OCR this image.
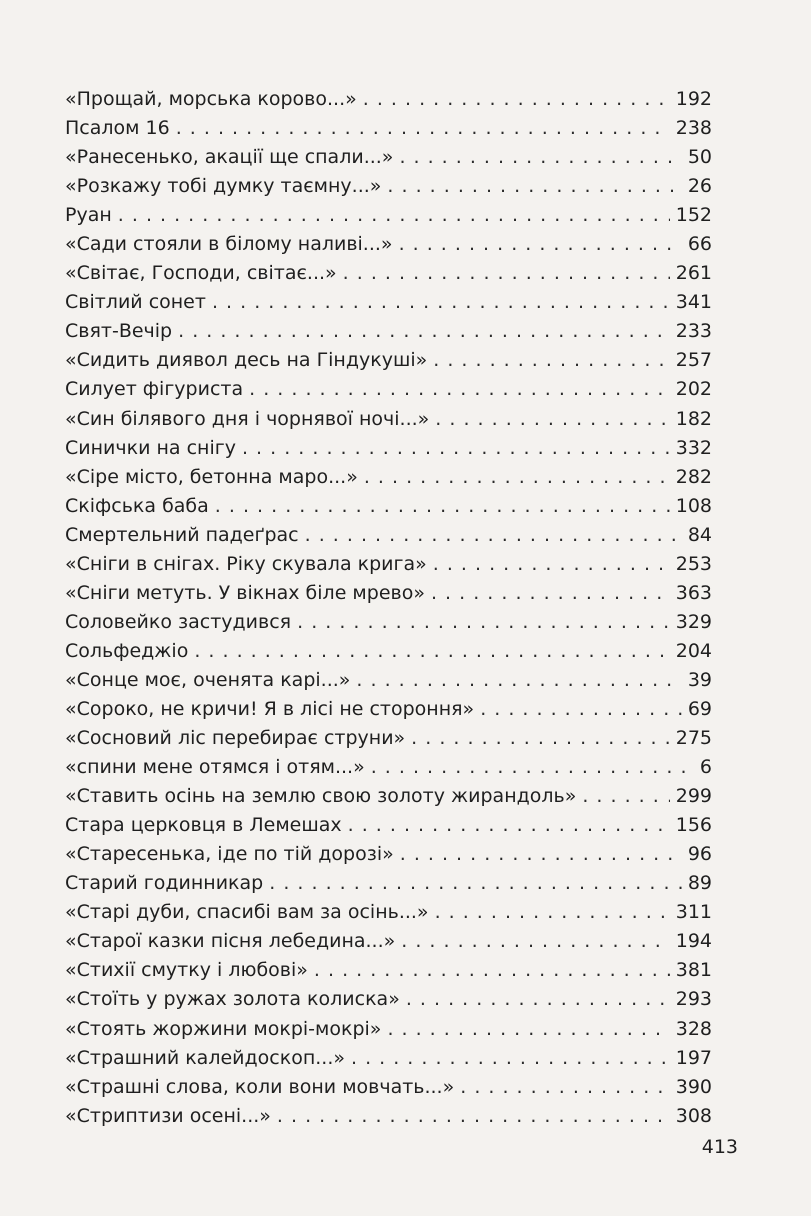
«Прощай, морська корово...» . . .	192
Псалом 16 . . .	238
«Ранесенько, акації ще спали...» . . .	50
«Розкажу тобі думку таємну...» . . .	26
Руан . . .	152
«Сади стояли в білому наливі...» . . .	66
«Світає, Господи, світає...» . . .	261
Світлий сонет . . .	341
Свят-Вечір . . .	233
«Сидить диявол десь на Гіндукуші» . . .	257
Силует фігуриста . . .	202
«Син білявого дня і чорнявої ночі...» . . .	182
Синички на снігу . . .	332
«Сіре місто, бетонна маро...» . . .	282
Скіфська баба . . .	108
Смертельний падеґрас . . .	84
«Сніги в снігах. Ріку скувала крига» . . .	253
«Сніги метуть. У вікнах біле мрево» . . .	363
Соловейко застудився . . .	329
Сольфеджіо . . .	204
«Сонце моє, оченята карі...» . . .	39
«Сороко, не кричи! Я в лісі не стороння» . . .	69
«Сосновий ліс перебирає струни» . . .	275
«спини мене отямся і отям...» . . .	6
«Ставить осінь на землю свою золоту жирандоль» . . .	299
Стара церковця в Лемешах . . .	156
«Старесенька, іде по тій дорозі» . . .	96
Старий годинникар . . .	89
«Старі дуби, спасибі вам за осінь...» . . .	311
«Старої казки пісня лебедина...» . . .	194
«Стихії смутку і любові» . . .	381
«Стоїть у ружах золота колиска» . . .	293
«Стоять жоржини мокрі-мокрі» . . .	328
«Страшний калейдоскоп...» . . .	197
«Страшні слова, коли вони мовчать...» . . .	390
«Стриптизи осені...» . . .	308
413
